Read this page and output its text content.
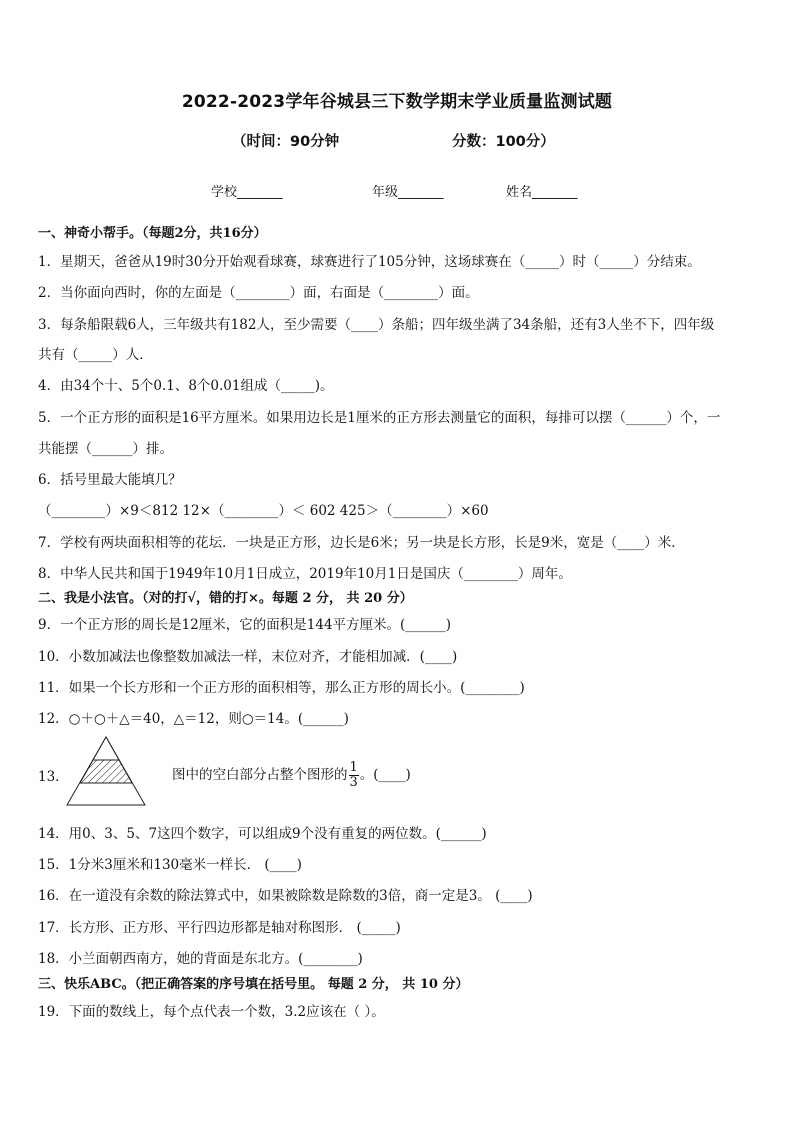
2022-2023学年谷城县三下数学期末学业质量监测试题
（时间：90分钟	分数：100分）
学校_______	年级_______	姓名_______
一、神奇小帮手。（每题2分，共16分）
1．星期天，爸爸从19时30分开始观看球赛，球赛进行了105分钟，这场球赛在（_____）时（_____）分结束。
2．当你面向西时，你的左面是（________）面，右面是（________）面。
3．每条船限载6人，三年级共有182人，至少需要（____）条船；四年级坐满了34条船，还有3人坐不下，四年级
共有（_____）人．
4．由34个十、5个0.1、8个0.01组成（_____)。
5．一个正方形的面积是16平方厘米。如果用边长是1厘米的正方形去测量它的面积，每排可以摆（______）个，一
共能摆（______）排。
6．括号里最大能填几？
（________）×9＜812 12×（________）＜ 602 425＞（________）×60
7．学校有两块面积相等的花坛．一块是正方形，边长是6米；另一块是长方形，长是9米，宽是（____）米．
8．中华人民共和国于1949年10月1日成立，2019年10月1日是国庆（________）周年。
二、我是小法官。（对的打√，错的打×。每题 2 分， 共 20 分）
9．一个正方形的周长是12厘米，它的面积是144平方厘米。(______)
10．小数加减法也像整数加减法一样，末位对齐，才能相加减．(____)
11．如果一个长方形和一个正方形的面积相等，那么正方形的周长小。(________)
12．○＋○＋△＝40，△＝12，则○＝14。(______)
13．	图中的空白部分占整个图形的 $\frac{1}{3}$ 。(____)
14．用0、3、5、7这四个数字，可以组成9个没有重复的两位数。(______)
15．1分米3厘米和130毫米一样长． (____)
16．在一道没有余数的除法算式中，如果被除数是除数的3倍，商一定是3。 (____)
17．长方形、正方形、平行四边形都是轴对称图形． (_____)
18．小兰面朝西南方，她的背面是东北方。(________)
三、快乐ABC。（把正确答案的序号填在括号里。 每题 2 分， 共 10 分）
19．下面的数线上，每个点代表一个数，3.2应该在（ ）。
